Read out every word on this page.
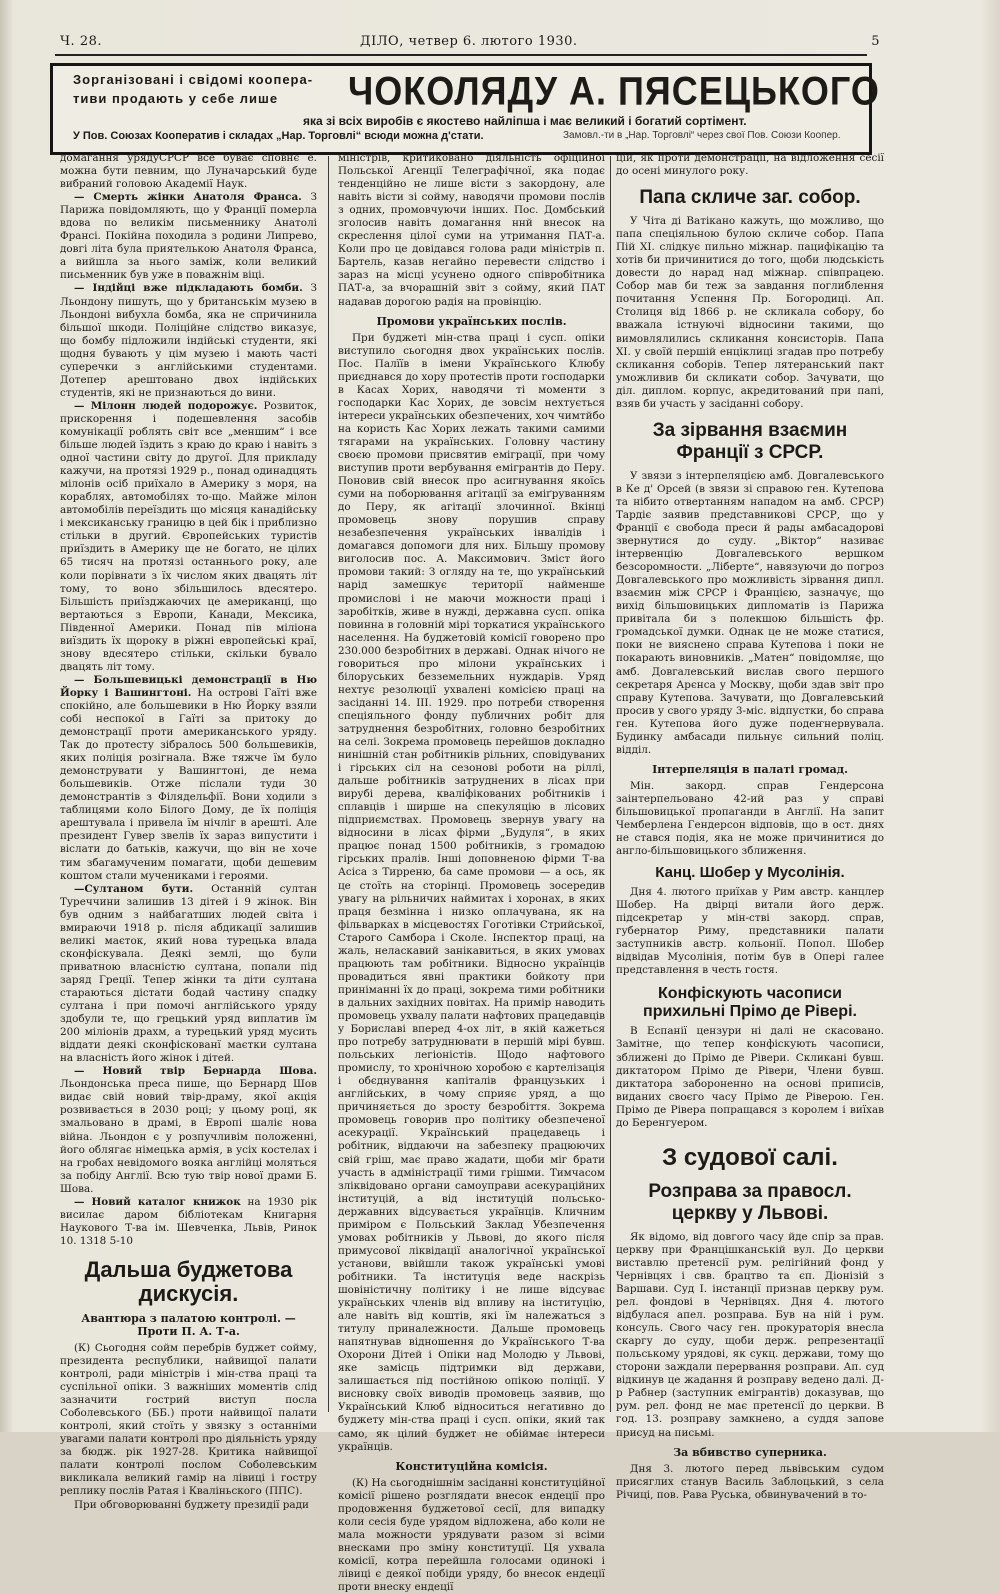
Ч. 28.	ДІЛО, четвер 6. лютого 1930.	5
Зорганізовані і свідомі коопера-
тиви продають у себе лише ЧОКОЛЯДУ А. ПЯСЕЦЬКОГО
яка зі всіх виробів є якостево найліпша і має великий і богатий сортімент.
У Пов. Союзах Кооператив і складах „Нар. Торговлі“ всюди можна д'стати.	Замовл.-ти в „Нар. Торговлі“ через свої Пов. Союзи Коопер.

домагання урядуСРСР все буває сповнє е. можна бути певним, що Луначарський буде вибраний головою Академії Наук.

— Смерть жінки Анатоля Франса. З Парижа повідомляють, що у Франції померла вдова по великім письменнику Анатолі Франсі. Покійна походила з родини Липрево, довгі літа була приятелькою Анатоля Франса, а вийшла за нього заміж, коли великий письменник був уже в поважнім віці.

— Індійці вже підкладають бомби. З Льондону пишуть, що у британськім музею в Льондоні вибухла бомба, яка не спричинила більшої шкоди. Поліційне слідство виказує, що бомбу підложили індійські студенти, які щодня бувають у цім музею і мають часті суперечки з англійськими студентами. Дотепер арештовано двох індійських студентів, які не признаються до вини.

— Мілонн людей подорожує. Розвиток, прискорення і подешевлення засобів комунікації роблять світ все „меншим“ і все більше людей їздить з краю до краю і навіть з одної частини світу до другої. Для прикладу кажучи, на протязі 1929 р., понад одинадцять мілонів осіб приїхало в Америку з моря, на кораблях, автомобілях то-що. Майже мілон автомобілів переїздить що місяця канадійську і мексиканську границю в цей бік і приблизно стільки в другий. Європейських туристів приїздить в Америку ще не богато, не цілих 65 тисяч на протязі останнього року, але коли порівнати з їх числом яких двацять літ тому, то воно збільшилось вдесятеро. Більшість приїзджаючих це американці, що вертаються з Европи, Канади, Мексика, Південної Америки. Понад пів міліона виїздить їх щороку в ріжні европейські краї, знову вдесятеро стільки, скільки бувало двацять літ тому.

— Большевицькі демонстрації в Ню Йорку і Вашингтоні. На острові Гаїті вже спокійно, але большевики в Ню Йорку взяли собі неспокої в Гаїті за притоку до демонстрації проти американського уряду. Так до протесту зібралось 500 большевиків, яких поліція розігнала. Вже тяжче їм було демонструвати у Вашингтоні, де нема большевиків. Отже післали туди 30 демонстрантів з Філядельфії. Вони ходили з таблицями коло Білого Дому, де їх поліція арештувала і привела їм нічліг в арешті. Але президент Гувер звелів їх зараз випустити і віслати до батьків, кажучи, що він не хоче тим збагамученим помагати, щоби дешевим коштом стали мучениками і героями.

—Султаном бути. Останній султан Туреччини залишив 13 дітей і 9 жінок. Він був одним з найбагатших людей світа і вмираючи 1918 р. після абдикації залишив великі маєток, який нова турецька влада сконфіскувала. Деякі землі, що були приватною власністю султана, попали під заряд Греції. Тепер жінки та діти султана стараються дістати бодай частину спадку султана і при помочі англійського уряду здобули те, що грецький уряд виплатив їм 200 міліонів драхм, а турецький уряд мусить віддати деякі сконфіскованї маєтки султана на власність його жінок і дітей.

— Новий твір Бернарда Шова. Льондонська преса пише, що Бернард Шов видає свій новий твір-драму, якої акція розвивається в 2030 році; у цьому році, як змальовано в драмі, в Европі шаліє нова війна. Льондон є у розпучливім положенні, його облягає німецька армія, в усіх костелах і на гробах невідомого вояка англійці моляться за побіду Англії. Всю тую твір нової драми Б. Шова.

— Новий каталог книжок на 1930 рік висилає даром бібліотекам Книгарня Наукового Т-ва ім. Шевченка, Львів, Ринок 10. 1318 5-10

Дальша буджетова дискусія.
Авантюра з палатою контролі. — Проти П. А. Т-а.

(К) Сьогодня сойм перебрів буджет сойму, президента республики, найвищої палати контролі, ради міністрів і мін-ства праці та суспільної опіки. З важніших моментів слід зазначити гострий виступ посла Соболевського (ББ.) проти найвищої палати контролі, який стоїть у звязку з останніми увагами палати контролі про діяльність уряду за бюдж. рік 1927-28. Критика найвищої палати контролі послом Соболевським викликала великий гамір на лівиці і гостру реплику послів Ратая і Кваліньского (ППС).

При обговорюванні буджету президії ради

міністрів, критиковано діяльність офіційної Польської Агенції Телеграфічної, яка подає тенденційно не лише вісти з закордону, але навіть вісти зі сойму, наводячи промови послів з одних, промовчуючи інших. Пос. Домбський зголосив навіть домагання ннй внесок на скреслення цілої суми на утримання ПАТ-а. Коли про це довідався голова ради міністрів п. Бартель, казав негайно перевести слідство і зараз на місці усунено одного співробітника ПАТ-а, за вчорашній звіт з сойму, який ПАТ надавав дорогою радія на провінцію.

Промови українських послів.

При буджеті мін-ства праці і сусп. опіки виступило сьогодня двох українських послів. Пос. Палїїв в імени Українського Клюбу приєднався до хору протестів проти господарки в Касах Хорих, наводячи ті моменти з господарки Кас Хорих, де зовсім нехтується інтереси українських обезпечених, хоч чимтйбо на користь Кас Хорих лежать такими самими тягарами на українських. Головну частину своєю промови присвятив еміграції, при чому виступив проти вербування емігрантів до Перу. Поновив свій внесок про асигнування якоїсь суми на поборювання агітації за еміґруванням до Перу, як агітації злочинної. Вкінці промовець знову порушив справу незабезпечення українських інвалідів і домагався допомоги для них. Більшу промову виголосив пос. А. Максимович. Зміст його промови такий: З огляду на те, що український нарід замешкує території найменше промислові і не маючи можности праці і заробітків, живе в нужді, державна сусп. опіка повинна в головній мірі торкатися українського населення. На буджетовій комісії говорено про 230.000 безробітних в державі. Однак нічого не говориться про мілони українських і білоруських безземельних нуждарів. Уряд нехтує резолюції ухвалені комісією праці на засіданні 14. III. 1929. про потреби створення спеціяльного фонду публичних робіт для затруднення безробітних, головно безробітних на селі. Зокрема промовець перейшов докладно нинішній стан робітників рільних, сповідуваних і гірських сіл на сезонові роботи на ріллі, дальше робітників затруднених в лісах при вирубі дерева, кваліфікованих робітників і сплавців і ширше на спекуляцію в лісових підприємствах. Промовець звернув увагу на відносини в лісах фірми „Будуля“, в яких працює понад 1500 робітників, з громадою гірських пралів. Інші доповненою фірми Т-ва Асіса з Тирреню, ба саме промови — а ось, як це стоїть на сторінці. Промовець зосередив увагу на рільничих наймитах і хоронах, в яких праця безмінна і низко оплачувана, як на фільварках в місцевостях Гоготівки Стрийської, Старого Самбора і Сколе. Інспектор праці, на жаль, неласкавий занікавиться, в яких умовах працюють там робітники. Відносно українців провадиться явні практики бойкоту при приніманні їх до праці, зокрема тими робітники в дальних західних повітах. На примір наводить промовець ухвалу палати нафтових працедавців у Бориславі вперед 4-ох літ, в якій кажеться про потребу затруднювати в першій мірі бувш. польських легіоністів. Щодо нафтового промислу, то хронічною хоробою є картелізація і обєднування капіталів французьких і англійських, в чому сприяє уряд, а що причиняється до зросту безробіття. Зокрема промовець говорив про політику обезпеченої асекурації. Український працедавець і робітник, віддаючи на забезпеку працюючих свій гріш, має право жадати, щоби міг брати участь в адміністрації тими грішми. Тимчасом зліквідовано органи самоуправи асекураційних інституцій, а від інституцій польсько-державних відсувається українців. Кличним приміром є Польський Заклад Убезпечення умовах робітників у Львові, до якого після примусової ліквідації аналогічної української установи, ввійшли також українські умові робітники. Та інституція веде наскрізь шовіністичну політику і не лише відсуває українських членів від впливу на інституцію, але навіть від коштів, які їм належаться з титулу приналежности. Дальше промовець напятнував відношення до Українського Т-ва Охорони Дітей і Опіки над Молодю у Львові, яке замісць підтримки від держави, залишається під постійною опікою поліції. У висновку своїх виводів промовець заявив, що Український Клюб відноситься негативно до буджету мін-ства праці і сусп. опіки, який так само, як цілий буджет не обіймає інтереси українців.

Конституційна комісія.

(К) На сьогоднішнім засіданні конституційної комісії рішено розглядати внесок ендеції про продовження буджетової сесії, для випадку коли сесія буде урядом відложена, або коли не мала можности урядувати разом зі всіми внесками про зміну конституції. Ця ухвала комісії, котра перейшла голосами одинокі і лівиці є деякої побіди уряду, бо внесок ендеції проти внеску ендеції

цій, як проти демонстрації, на відложення сесії до осені минулого року.

Папа скличе заг. собор.

У Чіта ді Ватікано кажуть, що можливо, що папа спеціяльною булою скличе собор. Папа Пій XI. слідкує пильно міжнар. пацифікацію та хотів би причинитися до того, щоби людськість довести до нарад над міжнар. співпрацею. Собор мав би теж за завдання поглиблення почитання Успення Пр. Богородиці. Ап. Столиця від 1866 р. не скликала собору, бо вважала істнуючі відносини такими, що вимовлялились скликання консисторів. Папа XI. у своїй першій енціклиці згадав про потребу скликання соборів. Тепер лятеранський пакт уможливив би скликати собор. Зачувати, що діл. диплом. корпус, акредитований при папі, взяв би участь у засіданні собору.

За зірвання взаємин Франції з СРСР.

У звязи з інтерпеляцією амб. Довгалевського в Ке д' Орсей (в звязи зі справою ген. Кутепова та нібито отвертанням нападом на амб. СРСР) Тардіє заявив представникові СРСР, що у Франції є свобода преси й рады амбасадорові звернутися до суду. „Віктор“ називає інтервенцію Довгалевського вершком безсоромности. „Ліберте“, навязуючи до погроз Довгалевського про можливість зірвання дипл. взаємин між СРСР і Францією, зазначує, що вихід більшовицьких дипломатів із Парижа привітала би з полекшою більшість фр. громадської думки. Однак це не може статися, поки не вияснено справа Кутепова і поки не покарають виновників. „Матен“ повідомляє, що амб. Довгалевський вислав свого першого секретаря Арєнса у Москву, щоби здав звіт про справу Кутепова. Зачувати, що Довгалевський просив у свого уряду 3-міс. відпустки, бо справа ген. Кутепова його дуже подеҥнервувала. Будинку амбасади пильнує сильний поліц. відділ.

Інтерпеляція в палаті громад.

Мін. закорд. справ Гендерсона заінтерпельовано 42-ий раз у справі більшовицької пропаганди в Англії. На запит Чемберлена Гендерсон відповів, що в ост. днях не стався подія, яка не може причинитися до англо-більшовицького зближення.

Канц. Шобер у Мусолінія.

Дня 4. лютого приїхав у Рим австр. канцлер Шобер. На двірці витали його держ. підсекретар у мін-стві закорд. справ, губернатор Риму, представники палати заступників австр. кольонії. Попол. Шобер відвідав Мусолінія, потім був в Опері галее представлення в честь гостя.

Конфіскують часописи прихильні Прімо де Рівері.

В Еспанії цензури ні далі не скасовано. Замітне, що тепер конфіскують часописи, зближені до Прімо де Рівери. Скликані бувш. диктатором Прімо де Рівери, Члени бувш. диктатора забороненно на основі приписів, виданих своєго часу Прімо де Ріверою. Ген. Прімо де Рівера попращався з королем і виїхав до Беренгуером.

З судової салі.
Розправа за правосл. церкву у Львові.

Як відомо, від довгого часу йде спір за прав. церкву при Францішканській вул. До церкви виставлю претенсії рум. релігійний фонд у Чернівцях і свв. брацтво та єп. Діонізій з Варшави. Суд І. інстанції признав церкву рум. рел. фондові в Чернівцях. Дня 4. лютого відбулася апел. розправа. Був на ній і рум. консуль. Свого часу ген. прокураторія внесла скаргу до суду, щоби держ. репрезентації польському урядові, як сукц. держави, тому що сторони заждали перервання розправи. Ап. суд відкинув це жадання й розправу ведено далі. Д-р Рабнер (заступник емігрантів) доказував, що рум. рел. фонд не має претенсії до церкви. В год. 13. розправу замкнено, а суддя запове присуд на письмі.

За вбивство суперника.

Дня 3. лютого перед львівським судом присяглих станув Василь Заблоцький, з села Річиці, пов. Рава Руська, обвинувачений в то-
